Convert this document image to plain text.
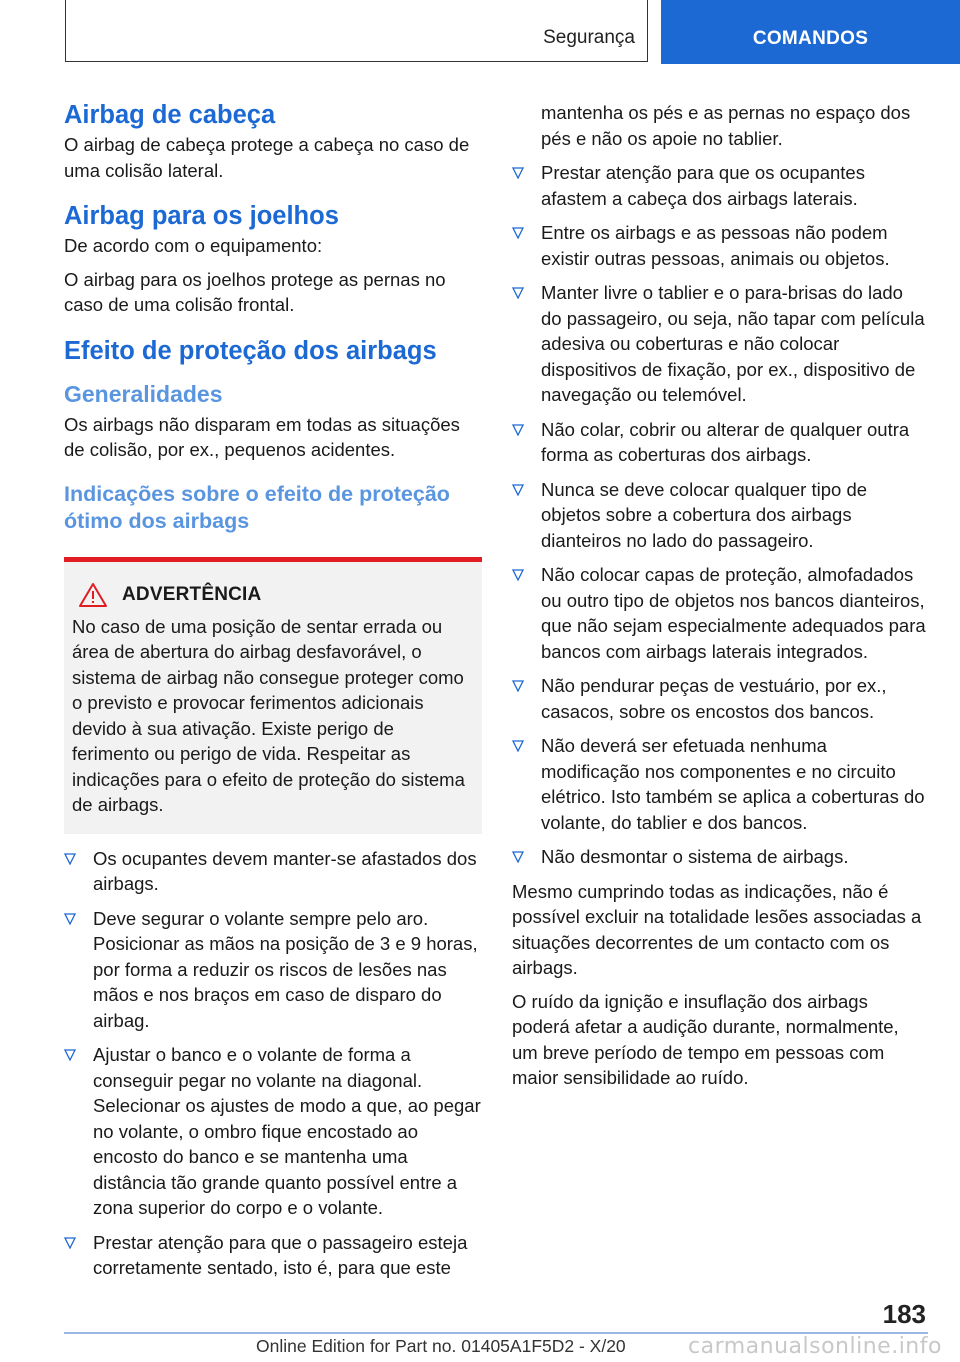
Segurança	COMANDOS
Airbag de cabeça

O airbag de cabeça protege a cabeça no caso de uma colisão lateral.

Airbag para os joelhos

De acordo com o equipamento:

O airbag para os joelhos protege as pernas no caso de uma colisão frontal.

Efeito de proteção dos airbags
Generalidades

Os airbags não disparam em todas as situações de colisão, por ex., pequenos acidentes.

Indicações sobre o efeito de proteção ótimo dos airbags
ADVERTÊNCIA
No caso de uma posição de sentar errada ou área de abertura do airbag desfavorável, o sistema de airbag não consegue proteger como o previsto e provocar ferimentos adicionais devido à sua ativação. Existe perigo de ferimento ou perigo de vida. Respeitar as indicações para o efeito de proteção do sistema de airbags.
Os ocupantes devem manter-se afastados dos airbags.
Deve segurar o volante sempre pelo aro. Posicionar as mãos na posição de 3 e 9 horas, por forma a reduzir os riscos de lesões nas mãos e nos braços em caso de disparo do airbag.
Ajustar o banco e o volante de forma a conseguir pegar no volante na diagonal. Selecionar os ajustes de modo a que, ao pegar no volante, o ombro fique encostado ao encosto do banco e se mantenha uma distância tão grande quanto possível entre a zona superior do corpo e o volante.
Prestar atenção para que o passageiro esteja corretamente sentado, isto é, para que este

mantenha os pés e as pernas no espaço dos pés e não os apoie no tablier.

Prestar atenção para que os ocupantes afastem a cabeça dos airbags laterais.
Entre os airbags e as pessoas não podem existir outras pessoas, animais ou objetos.
Manter livre o tablier e o para-brisas do lado do passageiro, ou seja, não tapar com película adesiva ou coberturas e não colocar dispositivos de fixação, por ex., dispositivo de navegação ou telemóvel.
Não colar, cobrir ou alterar de qualquer outra forma as coberturas dos airbags.
Nunca se deve colocar qualquer tipo de objetos sobre a cobertura dos airbags dianteiros no lado do passageiro.
Não colocar capas de proteção, almofadados ou outro tipo de objetos nos bancos dianteiros, que não sejam especialmente adequados para bancos com airbags laterais integrados.
Não pendurar peças de vestuário, por ex., casacos, sobre os encostos dos bancos.
Não deverá ser efetuada nenhuma modificação nos componentes e no circuito elétrico. Isto também se aplica a coberturas do volante, do tablier e dos bancos.
Não desmontar o sistema de airbags.

Mesmo cumprindo todas as indicações, não é possível excluir na totalidade lesões associadas a situações decorrentes de um contacto com os airbags.

O ruído da ignição e insuflação dos airbags poderá afetar a audição durante, normalmente, um breve período de tempo em pessoas com maior sensibilidade ao ruído.

183
Online Edition for Part no. 01405A1F5D2 - X/20	carmanualsonline.info
